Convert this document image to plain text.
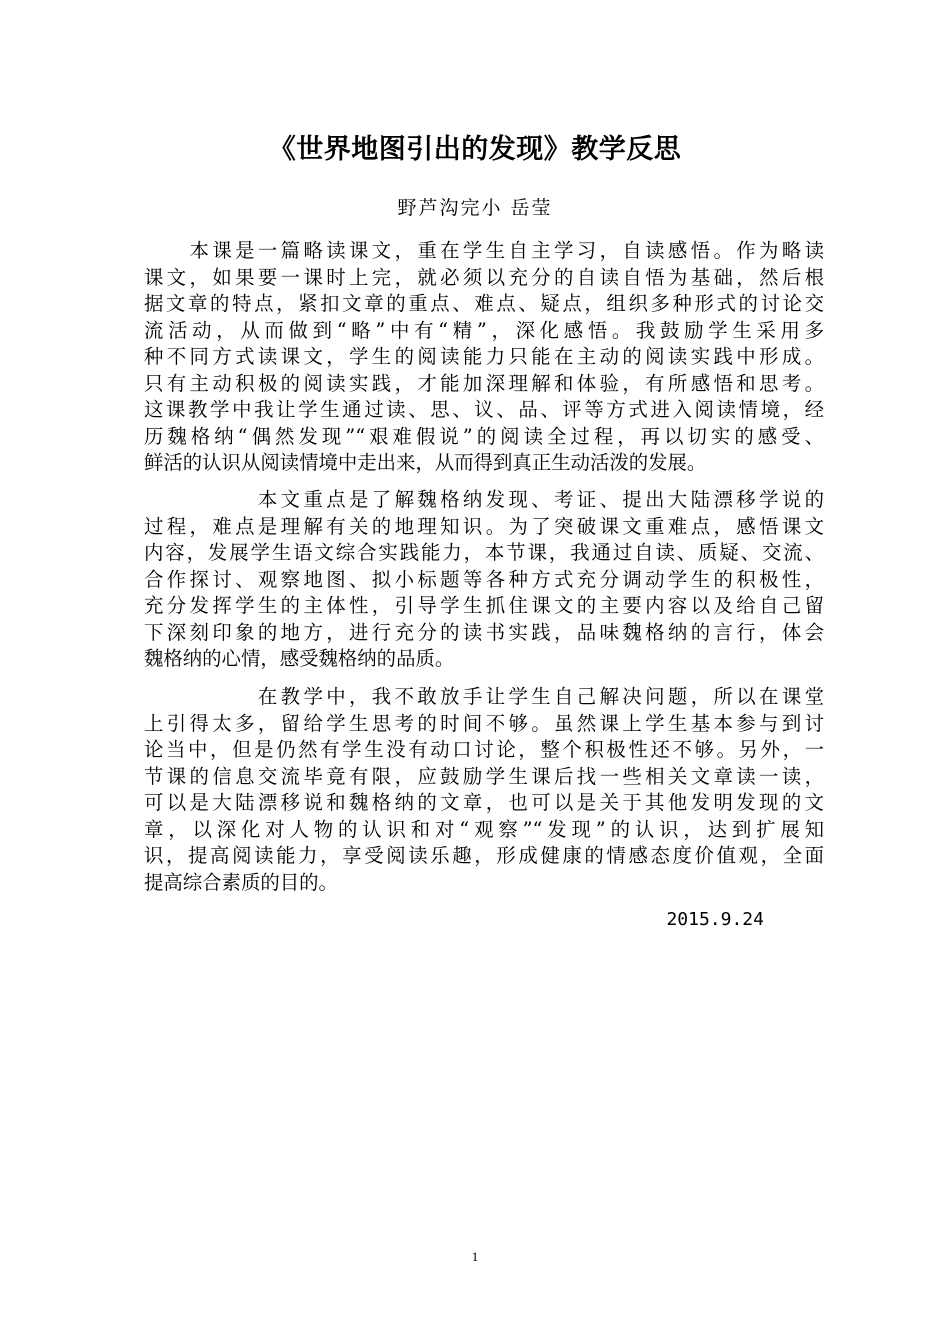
《世界地图引出的发现》教学反思
野芦沟完小 岳莹
　　本课是一篇略读课文，重在学生自主学习，自读感悟。作为略读
课文，如果要一课时上完，就必须以充分的自读自悟为基础，然后根
据文章的特点，紧扣文章的重点、难点、疑点，组织多种形式的讨论交
流活动，从而做到“略”中有“精”，深化感悟。我鼓励学生采用多
种不同方式读课文，学生的阅读能力只能在主动的阅读实践中形成。
只有主动积极的阅读实践，才能加深理解和体验，有所感悟和思考。
这课教学中我让学生通过读、思、议、品、评等方式进入阅读情境，经
历魏格纳“偶然发现”“艰难假说”的阅读全过程，再以切实的感受、
鲜活的认识从阅读情境中走出来，从而得到真正生动活泼的发展。
　　　　　本文重点是了解魏格纳发现、考证、提出大陆漂移学说的
过程，难点是理解有关的地理知识。为了突破课文重难点，感悟课文
内容，发展学生语文综合实践能力，本节课，我通过自读、质疑、交流、
合作探讨、观察地图、拟小标题等各种方式充分调动学生的积极性，
充分发挥学生的主体性，引导学生抓住课文的主要内容以及给自己留
下深刻印象的地方，进行充分的读书实践，品味魏格纳的言行，体会
魏格纳的心情，感受魏格纳的品质。
　　　　　在教学中，我不敢放手让学生自己解决问题，所以在课堂
上引得太多，留给学生思考的时间不够。虽然课上学生基本参与到讨
论当中，但是仍然有学生没有动口讨论，整个积极性还不够。另外，一
节课的信息交流毕竟有限，应鼓励学生课后找一些相关文章读一读，
可以是大陆漂移说和魏格纳的文章，也可以是关于其他发明发现的文
章，以深化对人物的认识和对“观察”“发现”的认识，达到扩展知
识，提高阅读能力，享受阅读乐趣，形成健康的情感态度价值观，全面
提高综合素质的目的。
2015.9.24
1
